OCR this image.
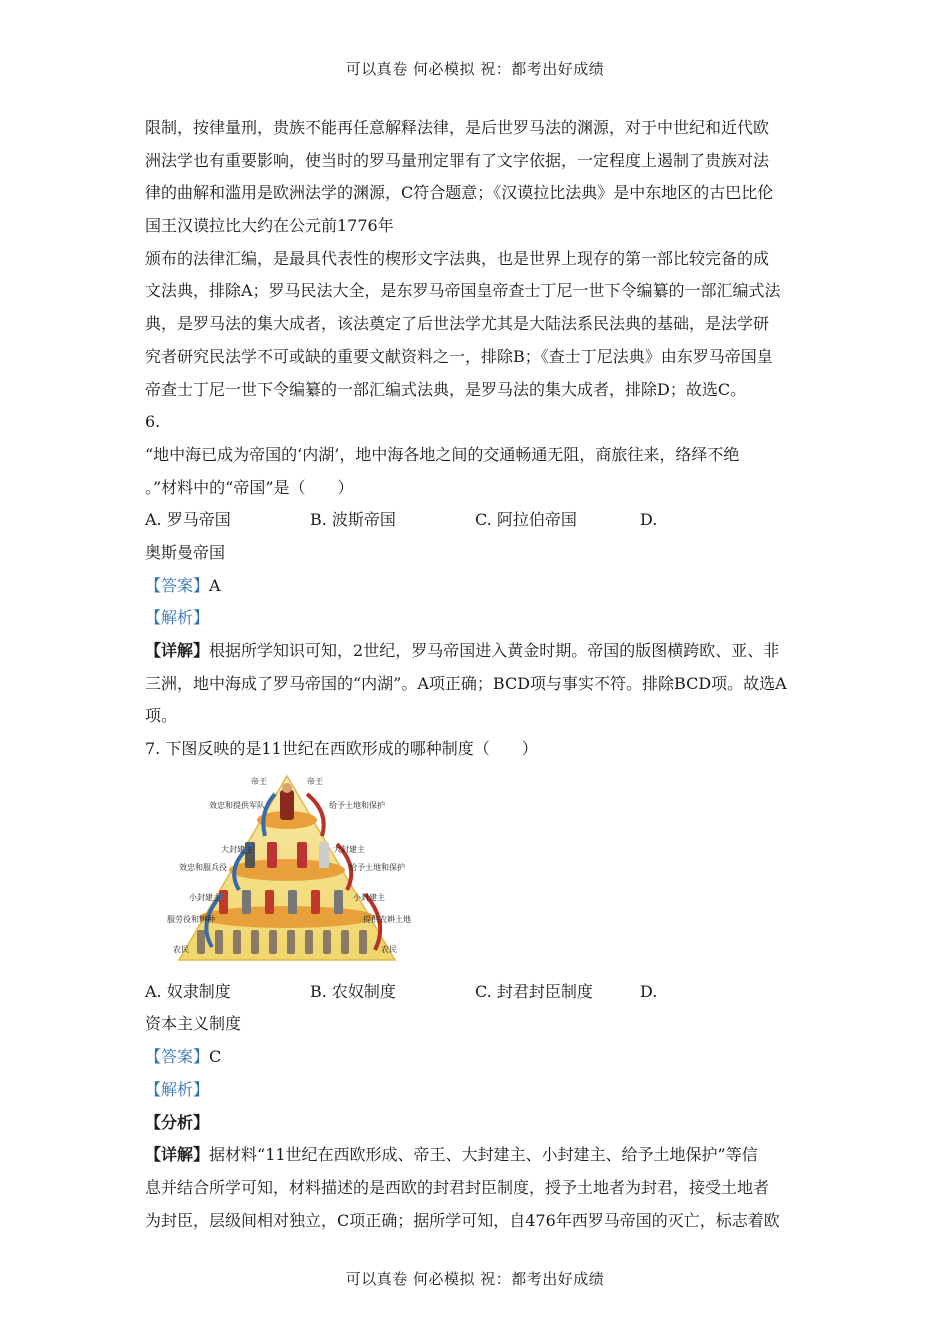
可以真卷 何必模拟 祝：都考出好成绩
限制，按律量刑，贵族不能再任意解释法律，是后世罗马法的渊源，对于中世纪和近代欧
洲法学也有重要影响，使当时的罗马量刑定罪有了文字依据，一定程度上遏制了贵族对法
律的曲解和滥用是欧洲法学的渊源，C符合题意；《汉谟拉比法典》是中东地区的古巴比伦
国王汉谟拉比大约在公元前1776年
颁布的法律汇编，是最具代表性的楔形文字法典，也是世界上现存的第一部比较完备的成
文法典，排除A；罗马民法大全，是东罗马帝国皇帝查士丁尼一世下令编纂的一部汇编式法
典，是罗马法的集大成者，该法奠定了后世法学尤其是大陆法系民法典的基础，是法学研
究者研究民法学不可或缺的重要文献资料之一，排除B；《查士丁尼法典》由东罗马帝国皇
帝查士丁尼一世下令编纂的一部汇编式法典，是罗马法的集大成者，排除D；故选C。
6.
“地中海已成为帝国的‘内湖’，地中海各地之间的交通畅通无阻，商旅往来，络绎不绝
。”材料中的“帝国”是（　　）
A. 罗马帝国	B. 波斯帝国	C. 阿拉伯帝国	D.
奥斯曼帝国
【答案】A
【解析】
【详解】根据所学知识可知，2世纪，罗马帝国进入黄金时期。帝国的版图横跨欧、亚、非
三洲，地中海成了罗马帝国的“内湖”。A项正确；BCD项与事实不符。排除BCD项。故选A
项。
7. 下图反映的是11世纪在西欧形成的哪种制度（　　）
帝王	帝王
效忠和提供军队	给予土地和保护
大封建主	大封建主
效忠和服兵役	给予土地和保护
小封建主	小封建主
服劳役和耕种	提供农耕土地
农民	农民
A. 奴隶制度	B. 农奴制度	C. 封君封臣制度	D.
资本主义制度
【答案】C
【解析】
【分析】
【详解】据材料“11世纪在西欧形成、帝王、大封建主、小封建主、给予土地保护”等信
息并结合所学可知，材料描述的是西欧的封君封臣制度，授予土地者为封君，接受土地者
为封臣，层级间相对独立，C项正确；据所学可知，自476年西罗马帝国的灭亡，标志着欧
可以真卷 何必模拟 祝：都考出好成绩
